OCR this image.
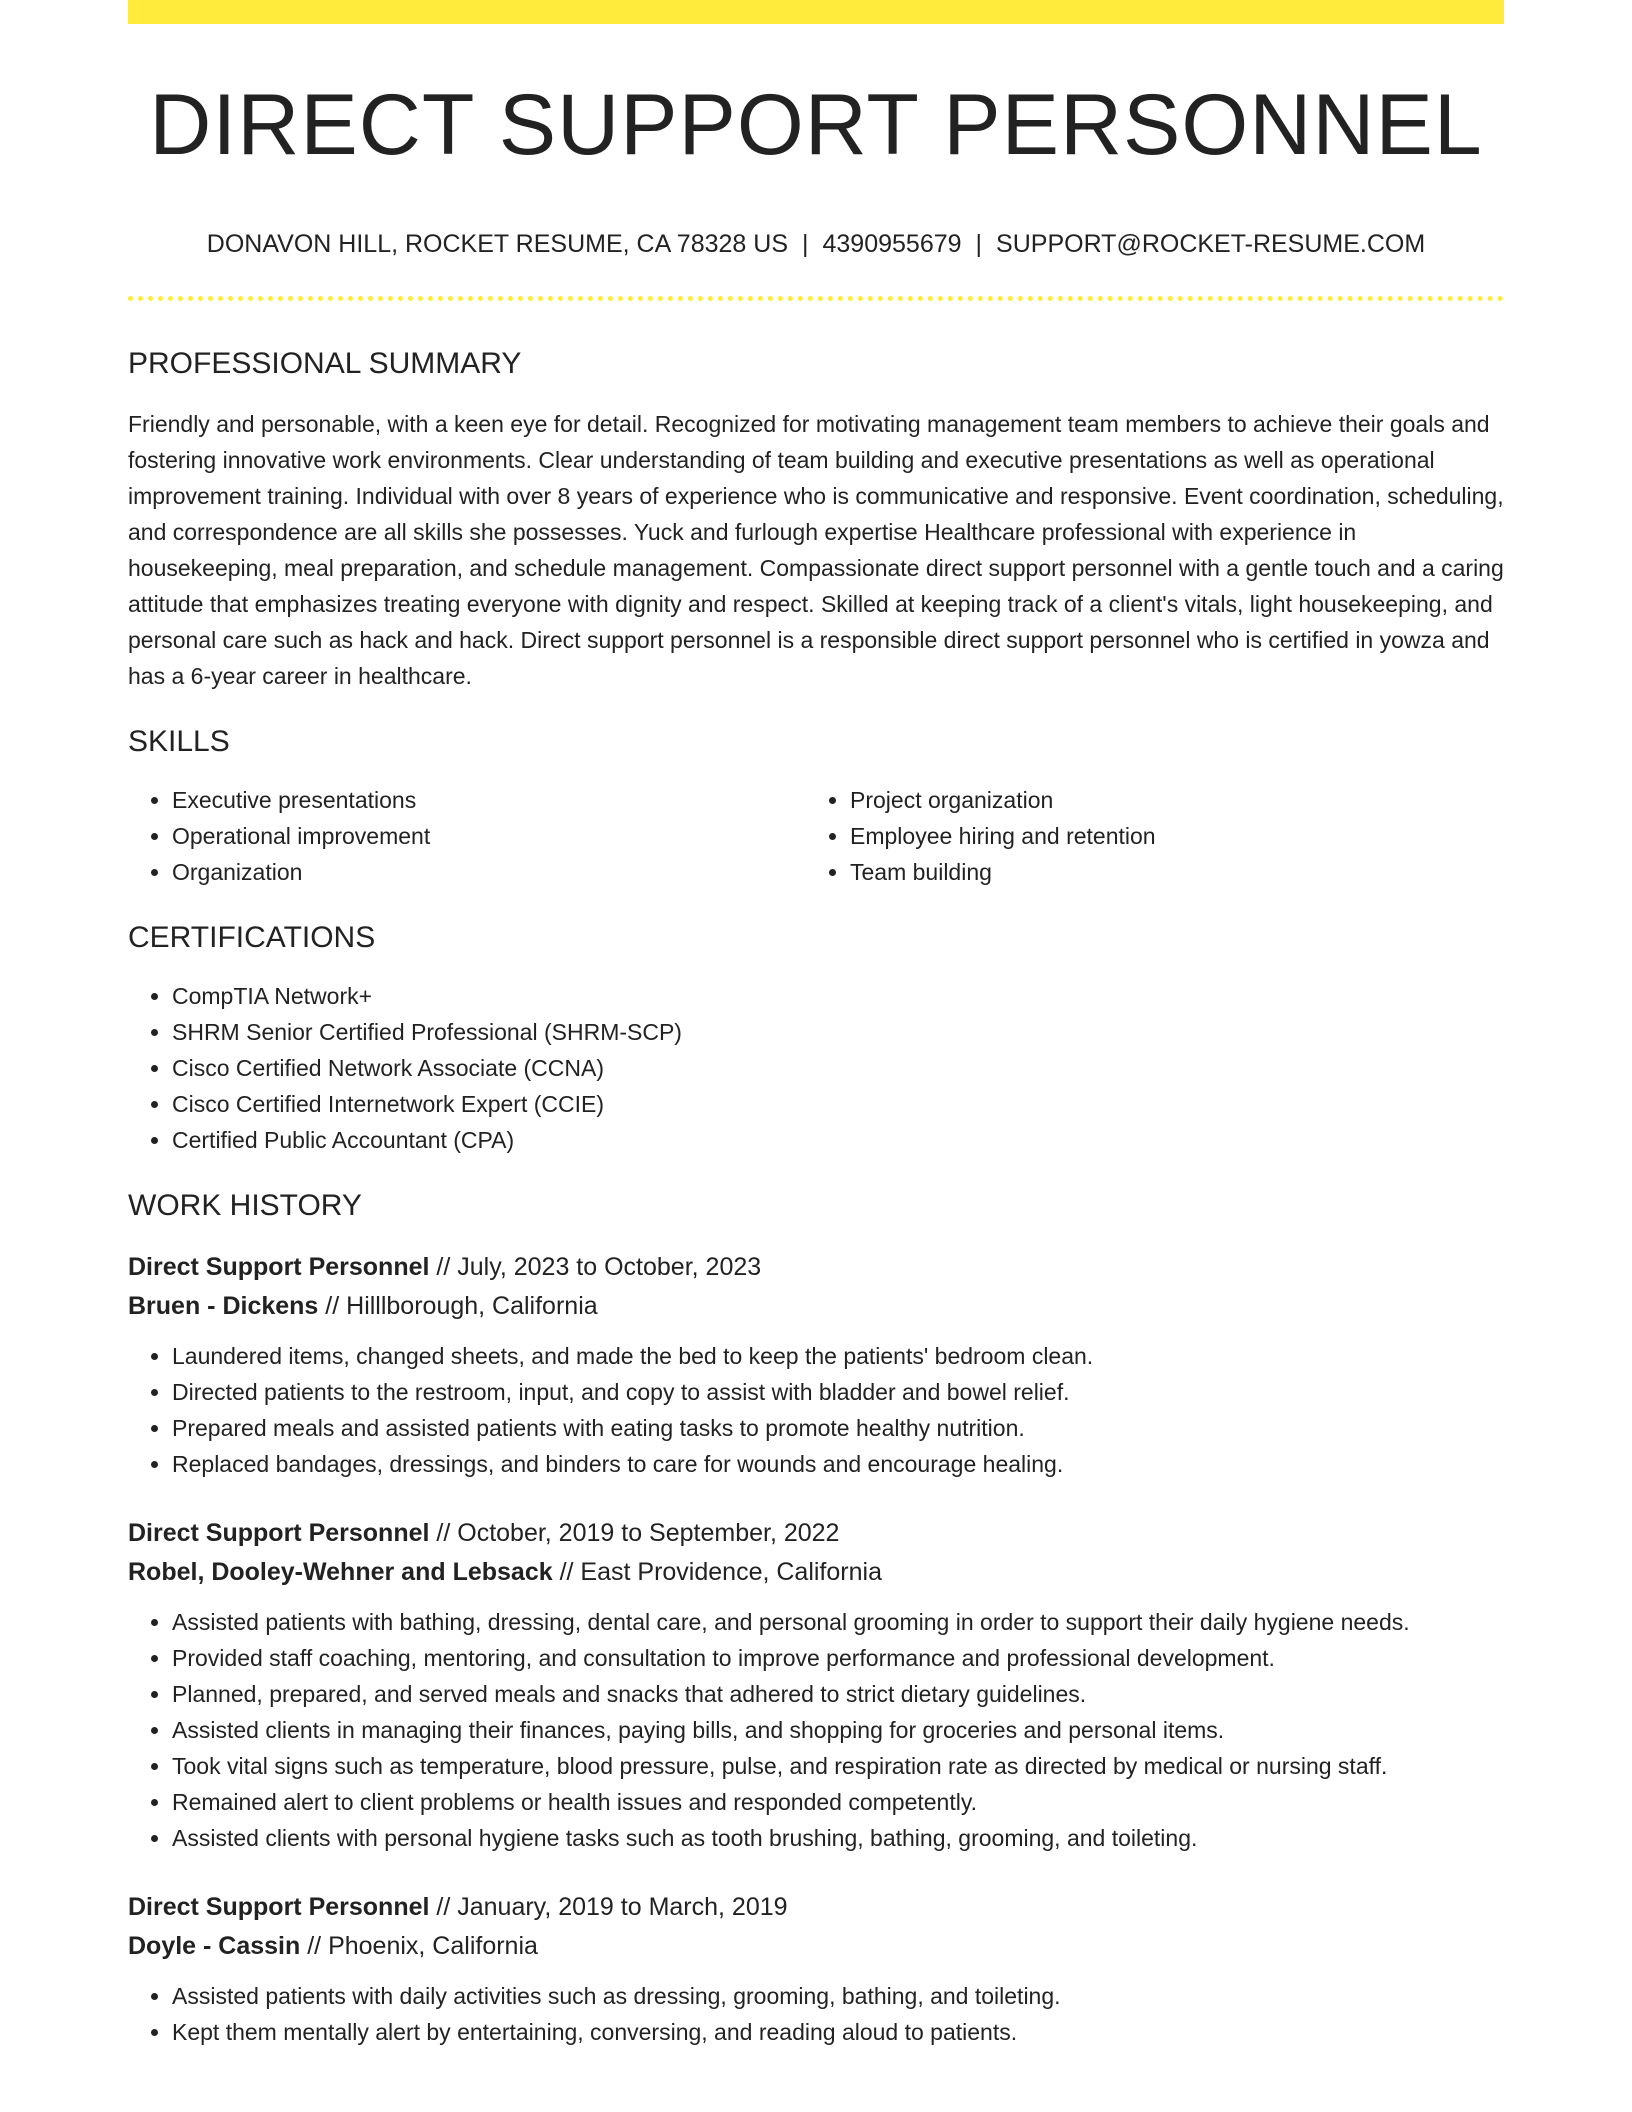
DIRECT SUPPORT PERSONNEL
DONAVON HILL, ROCKET RESUME, CA 78328 US | 4390955679 | SUPPORT@ROCKET-RESUME.COM
PROFESSIONAL SUMMARY
Friendly and personable, with a keen eye for detail. Recognized for motivating management team members to achieve their goals and fostering innovative work environments. Clear understanding of team building and executive presentations as well as operational improvement training. Individual with over 8 years of experience who is communicative and responsive. Event coordination, scheduling, and correspondence are all skills she possesses. Yuck and furlough expertise Healthcare professional with experience in housekeeping, meal preparation, and schedule management. Compassionate direct support personnel with a gentle touch and a caring attitude that emphasizes treating everyone with dignity and respect. Skilled at keeping track of a client's vitals, light housekeeping, and personal care such as hack and hack. Direct support personnel is a responsible direct support personnel who is certified in yowza and has a 6-year career in healthcare.
SKILLS
• Executive presentations
• Operational improvement
• Organization
• Project organization
• Employee hiring and retention
• Team building
CERTIFICATIONS
• CompTIA Network+
• SHRM Senior Certified Professional (SHRM-SCP)
• Cisco Certified Network Associate (CCNA)
• Cisco Certified Internetwork Expert (CCIE)
• Certified Public Accountant (CPA)
WORK HISTORY
Direct Support Personnel // July, 2023 to October, 2023
Bruen - Dickens // Hilllborough, California
• Laundered items, changed sheets, and made the bed to keep the patients' bedroom clean.
• Directed patients to the restroom, input, and copy to assist with bladder and bowel relief.
• Prepared meals and assisted patients with eating tasks to promote healthy nutrition.
• Replaced bandages, dressings, and binders to care for wounds and encourage healing.
Direct Support Personnel // October, 2019 to September, 2022
Robel, Dooley-Wehner and Lebsack // East Providence, California
• Assisted patients with bathing, dressing, dental care, and personal grooming in order to support their daily hygiene needs.
• Provided staff coaching, mentoring, and consultation to improve performance and professional development.
• Planned, prepared, and served meals and snacks that adhered to strict dietary guidelines.
• Assisted clients in managing their finances, paying bills, and shopping for groceries and personal items.
• Took vital signs such as temperature, blood pressure, pulse, and respiration rate as directed by medical or nursing staff.
• Remained alert to client problems or health issues and responded competently.
• Assisted clients with personal hygiene tasks such as tooth brushing, bathing, grooming, and toileting.
Direct Support Personnel // January, 2019 to March, 2019
Doyle - Cassin // Phoenix, California
• Assisted patients with daily activities such as dressing, grooming, bathing, and toileting.
• Kept them mentally alert by entertaining, conversing, and reading aloud to patients.
